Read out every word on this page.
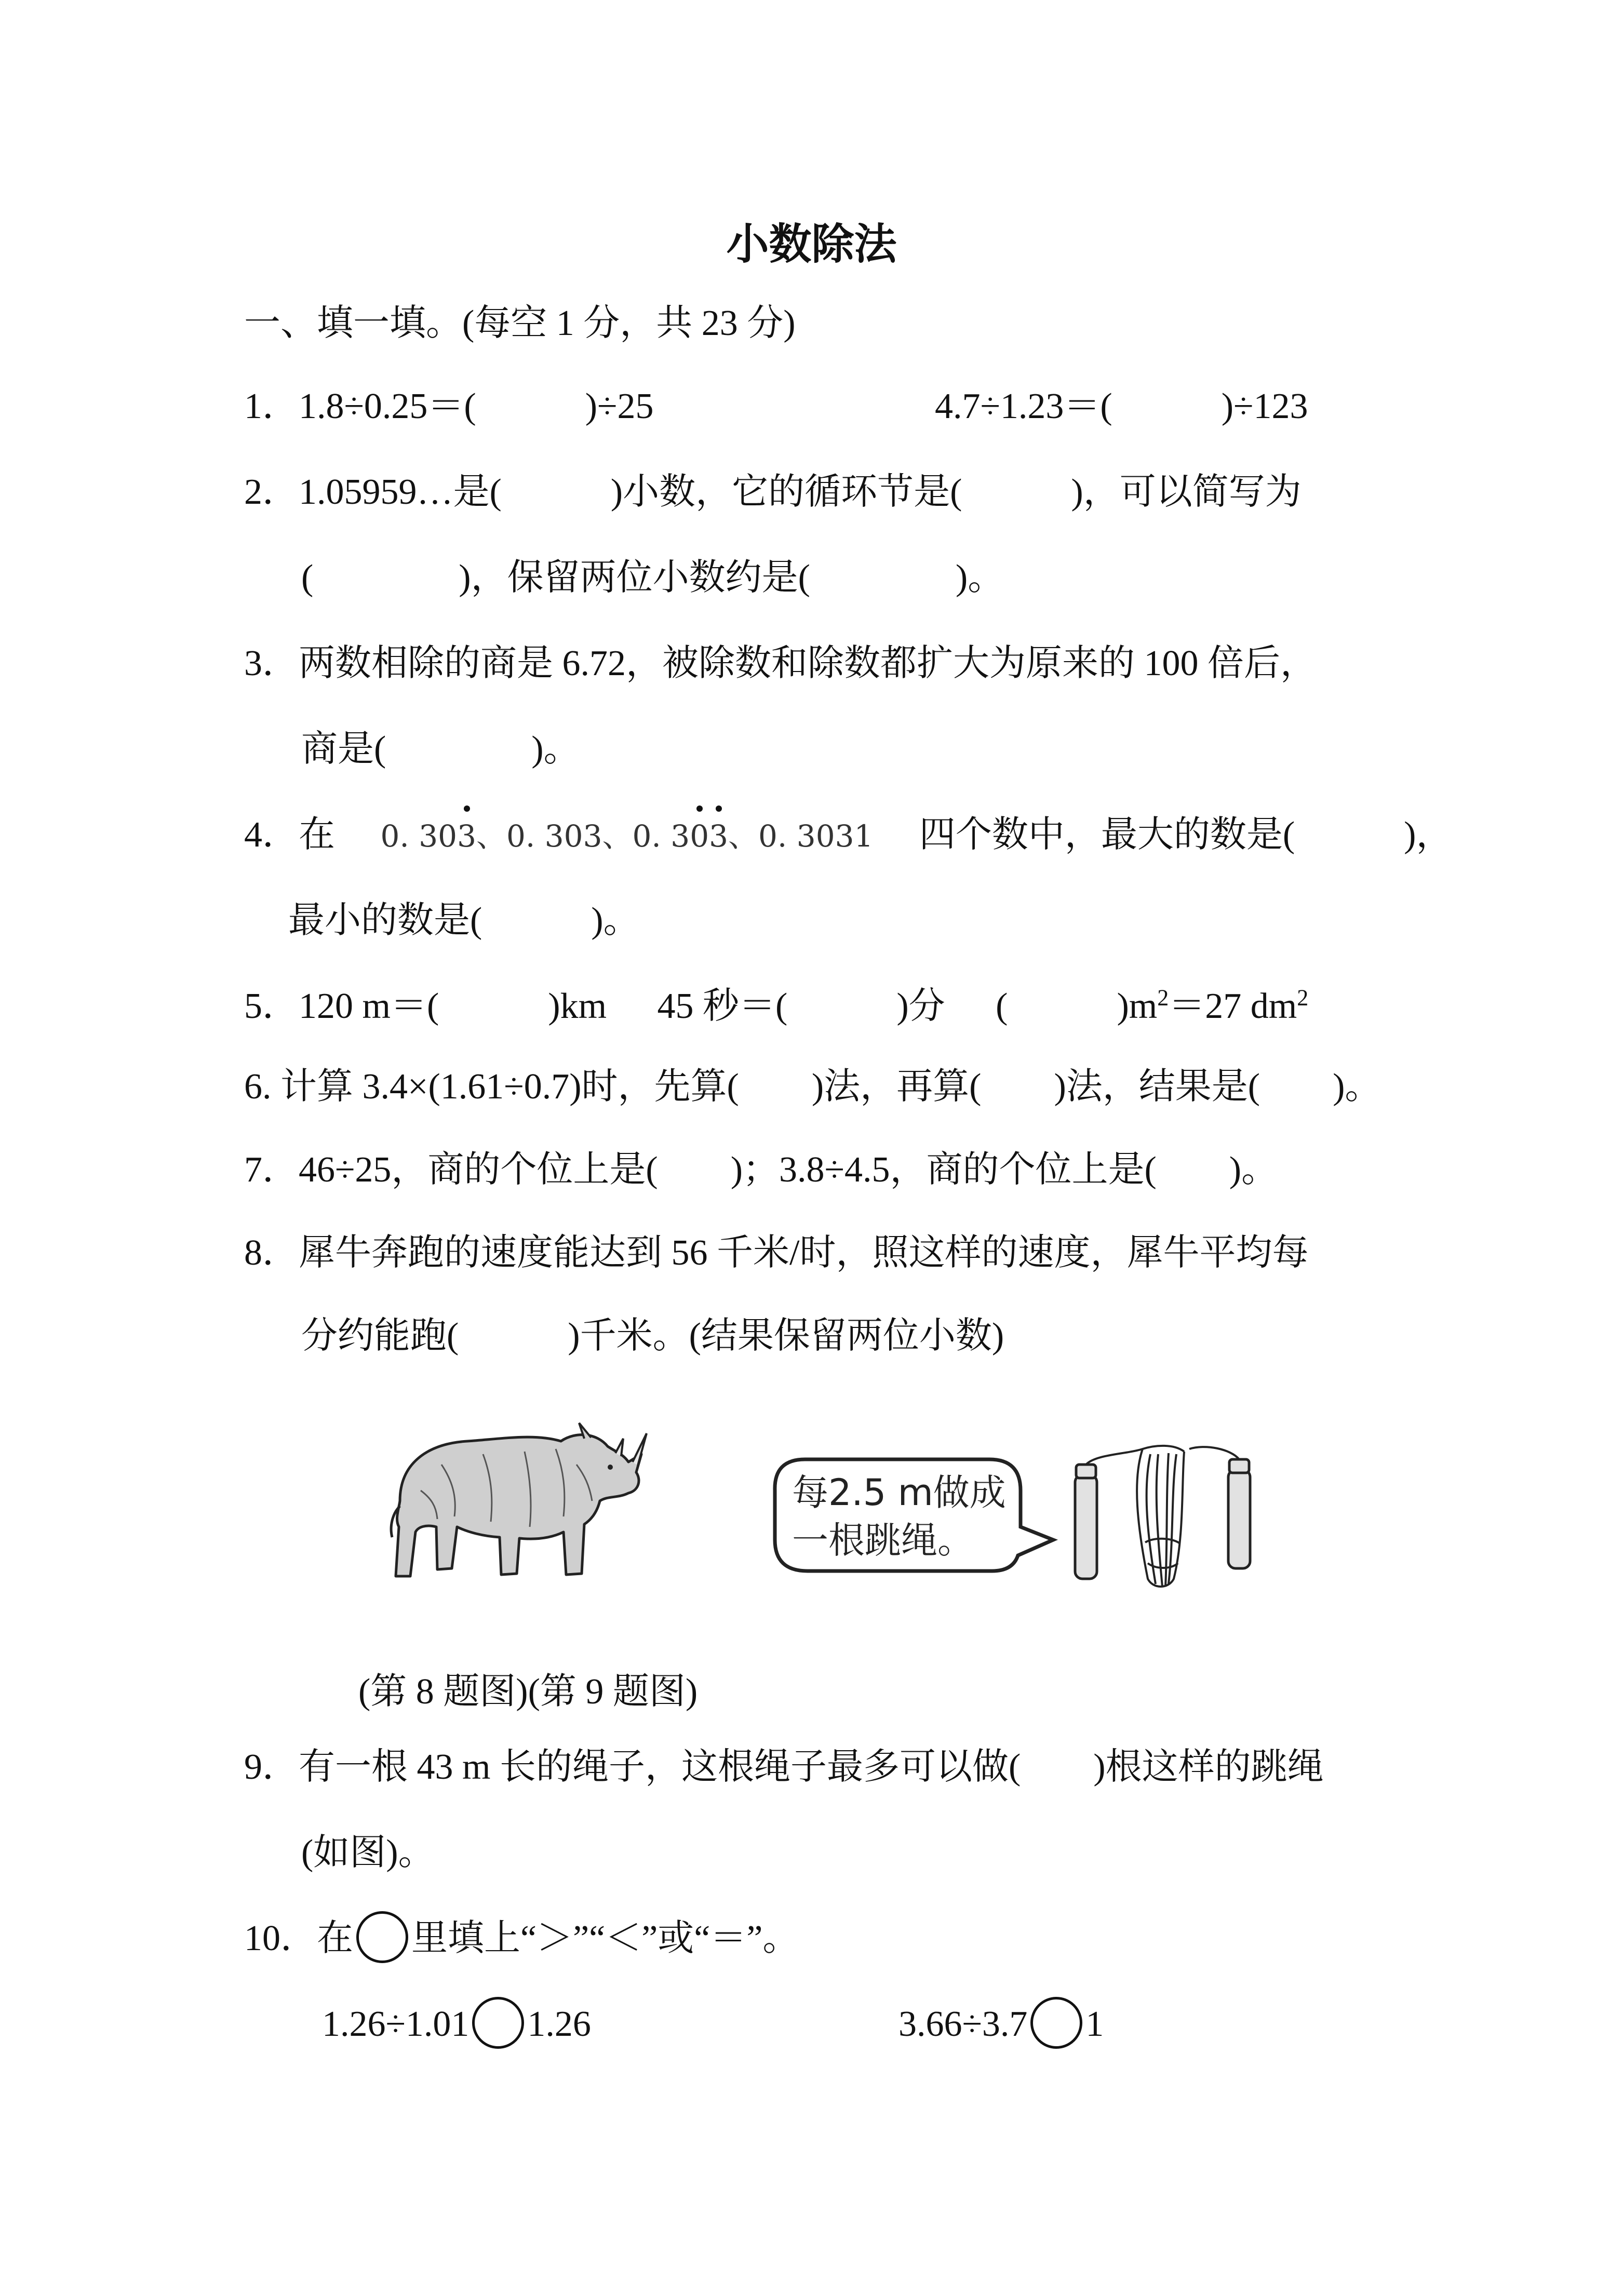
小数除法
一、填一填。(每空 1 分，共 23 分)
1．1.8÷0.25＝(　　　)÷25	4.7÷1.23＝(　　　)÷123
2．1.05959…是(　　　)小数，它的循环节是(　　　)，可以简写为
(　　　　)，保留两位小数约是(　　　　)。
3．两数相除的商是 6.72，被除数和除数都扩大为原来的 100 倍后，
商是(　　　　)。
4．在 0. 30
3、0. 303、0. 3
0
3、0. 3031 四个数中，最大的数是(　　　)，
最小的数是(　　　)。
5．120 m＝(　　　)km 45 秒＝(　　　)分 (　　　)$m^2=27$ $dm^2$
6. 计算 3.4×(1.61÷0.7)时，先算(　　)法，再算(　　)法，结果是(　　)。
7．46÷25，商的个位上是(　　)；3.8÷4.5，商的个位上是(　　)。
8．犀牛奔跑的速度能达到 56 千米/时，照这样的速度，犀牛平均每
分约能跑(　　　)千米。(结果保留两位小数)
每2.5 m做成
一根跳绳。
(第 8 题图)(第 9 题图)
9．有一根 43 m 长的绳子，这根绳子最多可以做(　　)根这样的跳绳
(如图)。
10．在 里填上“＞”“＜”或“＝”。
1.26÷1.01 1.26	3.66÷3.7 1
